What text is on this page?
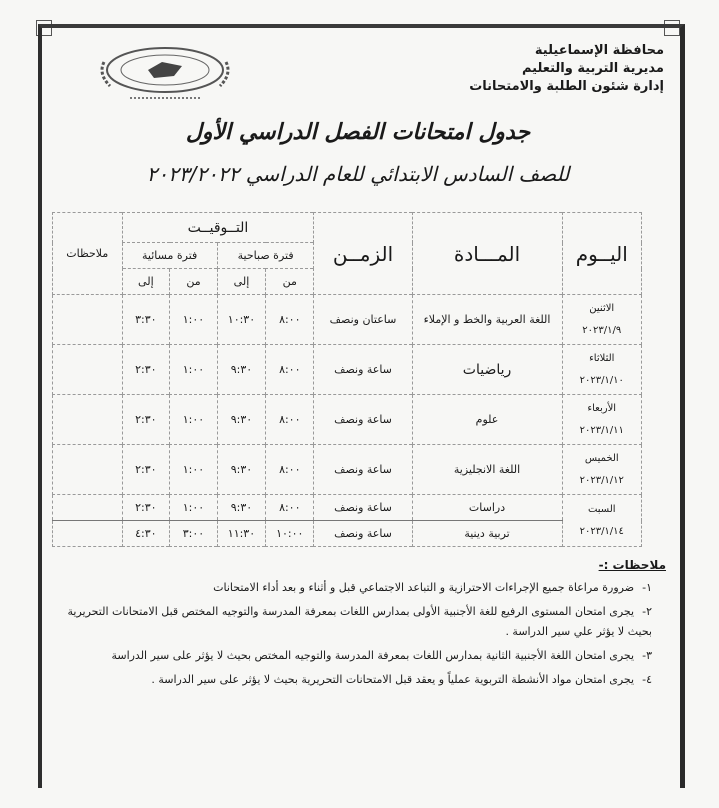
محافظة الإسماعيلية
مديرية التربية والتعليم
إدارة شئون الطلبة والامتحانات
جدول امتحانات الفصل الدراسي الأول
للصف السادس الابتدائي للعام الدراسي ٢٠٢٣/٢٠٢٢
اليــوم	المـــادة	الزمــن	التــوقيــت				ملاحظات
			فترة صباحية		فترة مسائية		
			من	إلى	من	إلى	

الاثنين
٢٠٢٣/١/٩	اللغة العربية والخط و الإملاء	ساعتان ونصف	٨:٠٠	١٠:٣٠	١:٠٠	٣:٣٠	

الثلاثاء
٢٠٢٣/١/١٠	رياضيات	ساعة ونصف	٨:٠٠	٩:٣٠	١:٠٠	٢:٣٠	

الأربعاء
٢٠٢٣/١/١١	علوم	ساعة ونصف	٨:٠٠	٩:٣٠	١:٠٠	٢:٣٠	

الخميس
٢٠٢٣/١/١٢	اللغة الانجليزية	ساعة ونصف	٨:٠٠	٩:٣٠	١:٠٠	٢:٣٠	

السبت
٢٠٢٣/١/١٤	دراسات	ساعة ونصف	٨:٠٠	٩:٣٠	١:٠٠	٢:٣٠	
	تربية دينية	ساعة ونصف	١٠:٠٠	١١:٣٠	٣:٠٠	٤:٣٠	
ملاحظات :-
١-ضرورة مراعاة جميع الإجراءات الاحترازية و التباعد الاجتماعي قبل و أثناء و بعد أداء الامتحانات
٢-يجرى امتحان المستوى الرفيع للغة الأجنبية الأولى بمدارس اللغات بمعرفة المدرسة والتوجيه المختص قبل الامتحانات التحريرية بحيث لا يؤثر علي سير الدراسة .
٣-يجرى امتحان اللغة الأجنبية الثانية بمدارس اللغات بمعرفة المدرسة والتوجيه المختص بحيث لا يؤثر على سير الدراسة
٤-يجرى امتحان مواد الأنشطة التربوية عملياً و يعقد قبل الامتحانات التحريرية بحيث لا يؤثر على سير الدراسة .
